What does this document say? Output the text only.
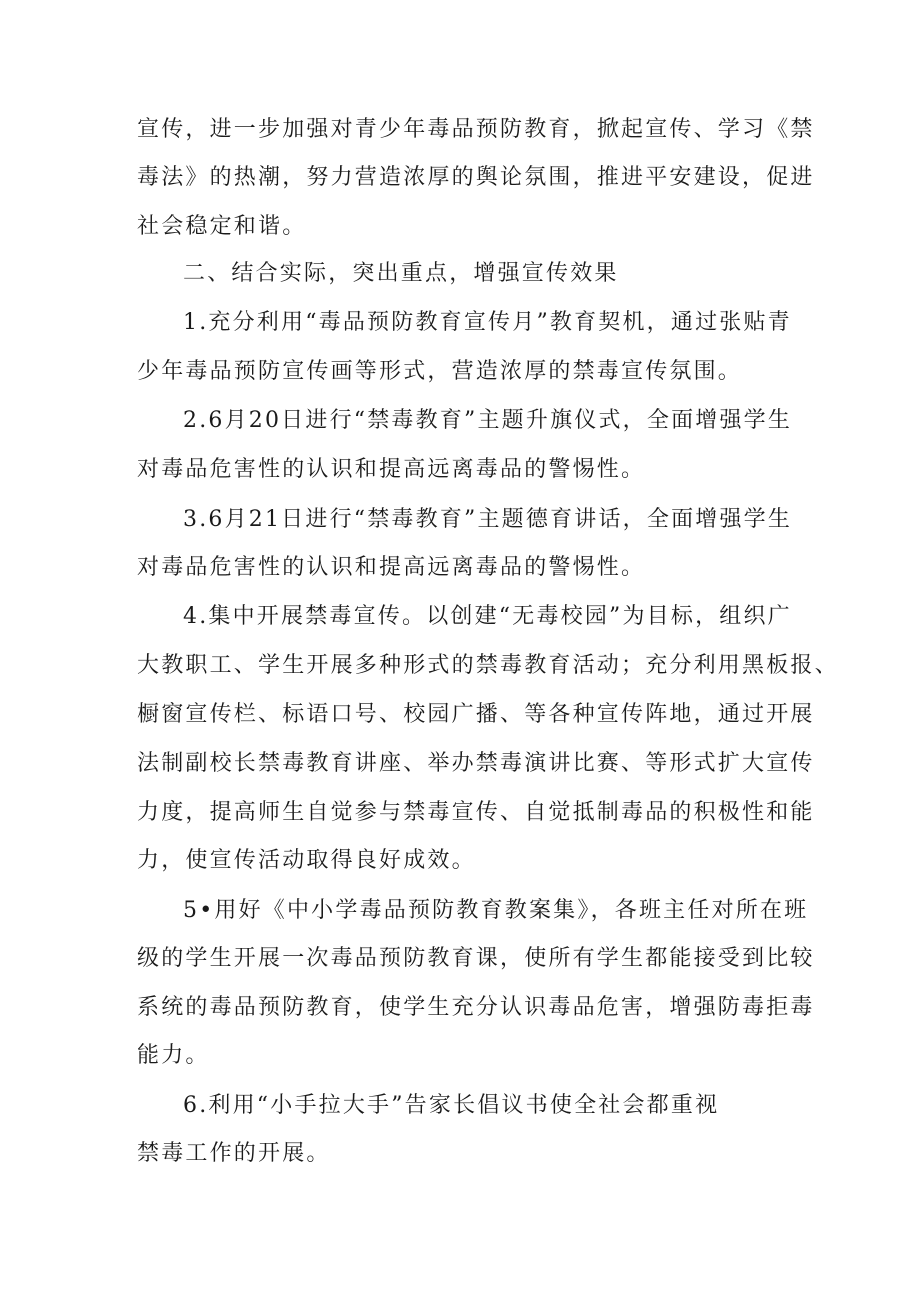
宣传，进一步加强对青少年毒品预防教育，掀起宣传、学习《禁
毒法》的热潮，努力营造浓厚的舆论氛围，推进平安建设，促进
社会稳定和谐。
二、结合实际，突出重点，增强宣传效果
1.充分利用“毒品预防教育宣传月”教育契机，通过张贴青
少年毒品预防宣传画等形式，营造浓厚的禁毒宣传氛围。
2.6月20日进行“禁毒教育”主题升旗仪式，全面增强学生
对毒品危害性的认识和提高远离毒品的警惕性。
3.6月21日进行“禁毒教育”主题德育讲话，全面增强学生
对毒品危害性的认识和提高远离毒品的警惕性。
4.集中开展禁毒宣传。以创建“无毒校园”为目标，组织广
大教职工、学生开展多种形式的禁毒教育活动；充分利用黑板报、
橱窗宣传栏、标语口号、校园广播、等各种宣传阵地，通过开展
法制副校长禁毒教育讲座、举办禁毒演讲比赛、等形式扩大宣传
力度，提高师生自觉参与禁毒宣传、自觉抵制毒品的积极性和能
力，使宣传活动取得良好成效。
5•用好《中小学毒品预防教育教案集》，各班主任对所在班
级的学生开展一次毒品预防教育课，使所有学生都能接受到比较
系统的毒品预防教育，使学生充分认识毒品危害，增强防毒拒毒
能力。
6.利用“小手拉大手”告家长倡议书使全社会都重视
禁毒工作的开展。
